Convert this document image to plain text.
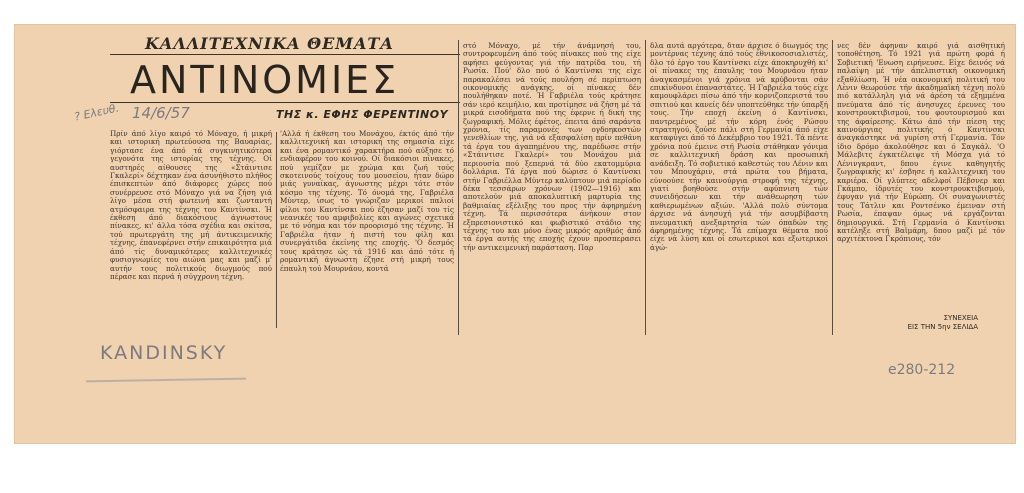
ΚΑΛΛΙΤΕΧΝΙΚΑ ΘΕΜΑΤΑ
ΑΝΤΙΝΟΜΙΕΣ
ΤΗΣ κ. ΕΦΗΣ ΦΕΡΕΝΤΙΝΟΥ
? Ελευθ. 14/6/57
Πρίν άπό λίγο καιρό τό Μόναχο, ή μικρή και ιστορική πρωτεύουσα της Βαυαρίας, γιόρτασε ένα άπό τά συγκινητικότερα γεγονότα της ιστορίας της τέχνης. Οί αυστηρές αίθουσες της «Στάιντισε Γκαλερί» δέχτηκαν ένα άσυνήθιστο πλήθος έπισκεπτών άπό διάφορες χώρες πού συνέρρευσε στό Μόναχο γιά να ζήση γιά λίγο μέσα στή φωτεινή και ζωνταντή ατμόσφαιρα της τέχνης του Καντίνσκι. Ή έκθεση άπό διακόσιους άγνωστους πίνακες, κι' άλλα τόσα σχέδια και σκίτσα, τού πρωτεργάτη της μή άντικειμενικής τέχνης, έπανεφέρνει στήν επικαιρότητα μιά άπό τίς δυναμικότερες καλλιτεχνικές φυσιογνωμίες του αιώνα μας και μαζί μ' αυτήν τους πολιτικούς διωγμούς πού πέρασε και περνά ή σύγχρονη τέχνη.
'Αλλά ή έκθεση του Μονάχου, έκτός άπό τήν καλλιτεχνική και ιστορική της σημασία είχε και ένα ρομαντικό χαρακτήρα πού αύξησε τό ενδιαφέρον του κοινού. Οί διακόσιοι πίνακες, πού γεμίζαν με χρώμα και ζωή τούς σκοτεινούς τοίχους του μουσείου, ήταν δώρο μιάς γυναίκας, άγνωστης μέχρι τότε στόν κόσμο της τέχνης. Τό όνομά της, Γαβριέλα Μύντερ, ίσως τό γνώριζαν μερικοί παλιοί φίλοι του Καντίνσκι πού έζησαν μαζί του τίς νεανικές του αμφιβολίες και αγώνες σχετικά με τό νόημα και τόν προορισμό της τέχνης. Ή Γαβριέλα ήταν ή πιστή του φίλη και συνεργάτιδα έκείνης της εποχής. 'Ο δεσμός τους κράτησε ώς τά 1916 και άπό τότε ή ρομαντική άγνωστη έζησε στή μικρή τους έπαυλη τού Μουρνάου, κοντά
στό Μόναχο, μέ τήν άνάμνησή του, συντροφευμένη άπό τούς πίνακες πού της είχε αφήσει φεύγοντας γιά τήν πατρίδα του, τή Ρωσία. Πού' δλο πού ό Καντίνσκι της είχε παρακαλέσει νά τούς πουλήση σέ περίπτωση οικονομικής ανάγκης, οί πίνακες δέν πουλήθηκαν ποτέ. Ή Γαβριέλα τούς κράτησε σάν ιερό κειμήλιο, και προτίμησε νά ζήση μέ τά μικρά εισοδήματα πού της έφερνε ή δική της ζωγραφική. Μόλις έφέτος, έπειτα άπό σαράντα χρόνια, τίς παραμονές των ογδοηκοστών γενεθλίων της, γιά νά εξασφαλίση πρίν πεθάνη τά έργα του άγαπημένου της, παρέδωσε στήν «Στάιντισε Γκαλερί» του Μονάχου μιά περιουσία πού ξεπερνά τά δύο εκατομμύρια δολλάρια. Τά έργα πού δώρισε ό Καντίνσκι στήν Γαβριέλλα Μύντερ καλύπτουν μιά περίοδο δέκα τεσσάρων χρόνων (1902—1916) και αποτελούν μιά αποκαλυπτική μαρτυρία της βαθμιαίας εξέλιξης του προς τήν άφηρημένη τέχνη. Τά περισσότερα άνήκουν στον εξπρεσιονιστικό και φωβιστικό στάδιο της τέχνης του και μόνο ένας μικρός αριθμός άπό τά έργα αυτής της εποχής έχουν προσπερασει τήν αντικειμενική παράσταση. Παρ
δλα αυτά αργότερα, δταν άρχισε ό διωγμός της μοντέρνας τέχνης άπό τούς έθνικοσοσιαλιστές, δλο τό έργο του Καντίνσκι είχε άποκηρυχθή κι' οί πίνακες της έπαυλης του Μουρνάου ήταν άναγκασμένοι γιά χρόνια νά κρύβονται σάν επικίνδυνοι έπαναστάτες. Ή Γαβριέλα τούς είχε καμουφλάρει πίσω άπό τήν κορνιζοπεριστά του σπιτιού και κανείς δέν υποπτεύθηκε τήν ύπαρξή τους. Τήν εποχή έκείνη ό Καντίνσκι, παντρεμένος μέ τήν κόρη ένός Ρώσου στρατηγού, ζούσε πάλι στή Γερμανία άπό είχε καταφύγει άπό τό Δεκέμβριο του 1921. Τά πέντε χρόνια πού έμεινε στή Ρωσία στάθηκαν γόνιμα σε καλλιτεχνική δράση και προσωπική ανάδειξη. Τό σοβιετικό καθεστώς του Λένιν και του Μπουχάριν, στά πρώτα του βήματα, εύνοούσε τήν καινούργια στροφή της τέχνης, γιατί βοηθούσε στήν αφύπνιση τών συνειδήσεων και τήν ανάθεωρηση τών καθιερωμένων αξιών. 'Αλλά πολύ σύντομα άρχισε νά άνησυχή γιά τήν ασυμβίβαστη πνευματική ανεξαρτησία τών όπαδών της άφηρημένης τέχνης. Τά επίμαχα θέματα πού είχε νά λύση και οί εσωτερικοί και εξωτερικοί άγώ-
νες δέν άφηναν καιρό γιά αισθητική τοποθέτηση. Τό 1921 γιά πρώτη φορά ή Σοβιετική 'Ενωση ειρήνευσε. Είχε δεινός νά παλαίψη μέ τήν άπελπιστική οικονομική εξαθλίωση. Ή νέα οικονομική πολιτική του Λένιν θεωρούσε τήν άκαδημαϊκή τέχνη πολύ πιό κατάλληλη γιά νά άρέση τά εξημμένα πνεύματα άπό τίς άνησυχες έρευνες του κονστρουκτιβισμού, του φουτουρισμού και της άφαίρεσης. Κάτω άπό τήν πίεση της καινούργιας πολιτικής ό Καντίνσκι άναγκάστηκε νά γυρίση στή Γερμανία. Τόν ίδιο δρόμο άκολούθησε και ό Σαγκάλ. 'Ο Μάλεβιτς έγκατέλειψε τή Μόσχα γιά τό Λένινγκραντ, δπου έγινε καθηγητής ζωγραφικής κι' έσβησε ή καλλιτεχνική του καριέρα. Οί γλύπτες αδελφοί Πέβσνερ και Γκάμπο, ίδρυτές του κονστρουκτιβισμού, έφυγαν γιά τήν Εύρώπη. Οί συναγωνιστές τους Τάτλιν και Ροντσένκο έμειναν στή Ρωσία, έπαψαν όμως νά εργάζονται δημιουργικά. Στή Γερμανία ό Καντίνσκι κατέληξε στή Βαϊμάρη, δπου μαζί μέ τόν αρχιτέκτονα Γκρόπιους, τόν
ΣΥΝΕΧΕΙΑ
ΕΙΣ ΤΗΝ 5ην ΣΕΛΙΔΑ
KANDINSKY
e280-212
